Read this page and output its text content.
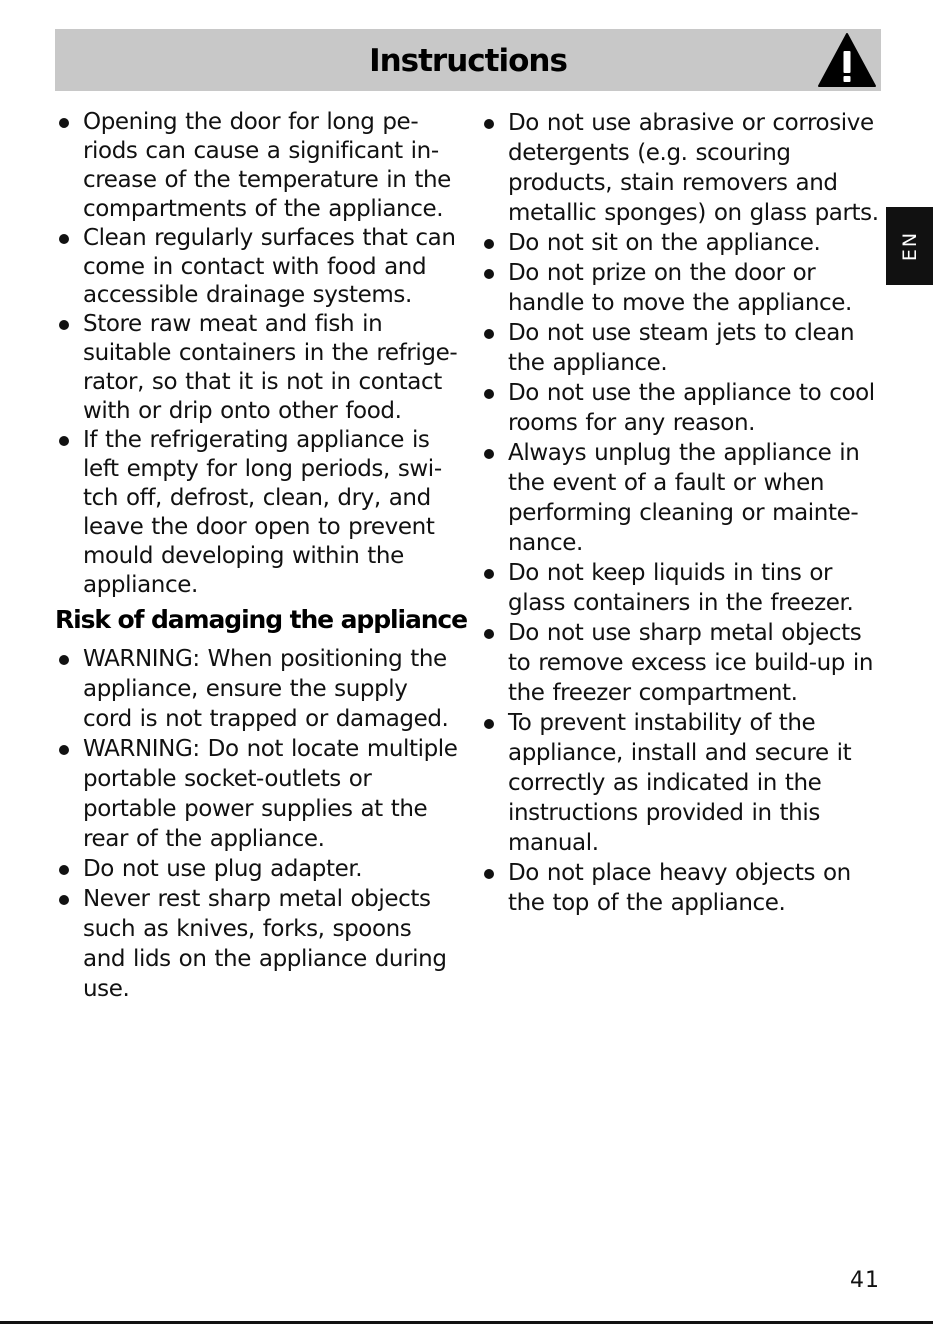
Instructions
EN
Opening the door for long periods can cause a significant increase of the temperature in the compartments of the appliance.
Clean regularly surfaces that can come in contact with food and accessible drainage systems.
Store raw meat and fish in suitable containers in the refrigerator, so that it is not in contact with or drip onto other food.
If the refrigerating appliance is left empty for long periods, switch off, defrost, clean, dry, and leave the door open to prevent mould developing within the appliance.
Risk of damaging the appliance
WARNING: When positioning the appliance, ensure the supply cord is not trapped or damaged.
WARNING: Do not locate multiple portable socket-outlets or portable power supplies at the rear of the appliance.
Do not use plug adapter.
Never rest sharp metal objects such as knives, forks, spoons and lids on the appliance during use.
Do not use abrasive or corrosive detergents (e.g. scouring products, stain removers and metallic sponges) on glass parts.
Do not sit on the appliance.
Do not prize on the door or handle to move the appliance.
Do not use steam jets to clean the appliance.
Do not use the appliance to cool rooms for any reason.
Always unplug the appliance in the event of a fault or when performing cleaning or maintenance.
Do not keep liquids in tins or glass containers in the freezer.
Do not use sharp metal objects to remove excess ice build-up in the freezer compartment.
To prevent instability of the appliance, install and secure it correctly as indicated in the instructions provided in this manual.
Do not place heavy objects on the top of the appliance.
41
